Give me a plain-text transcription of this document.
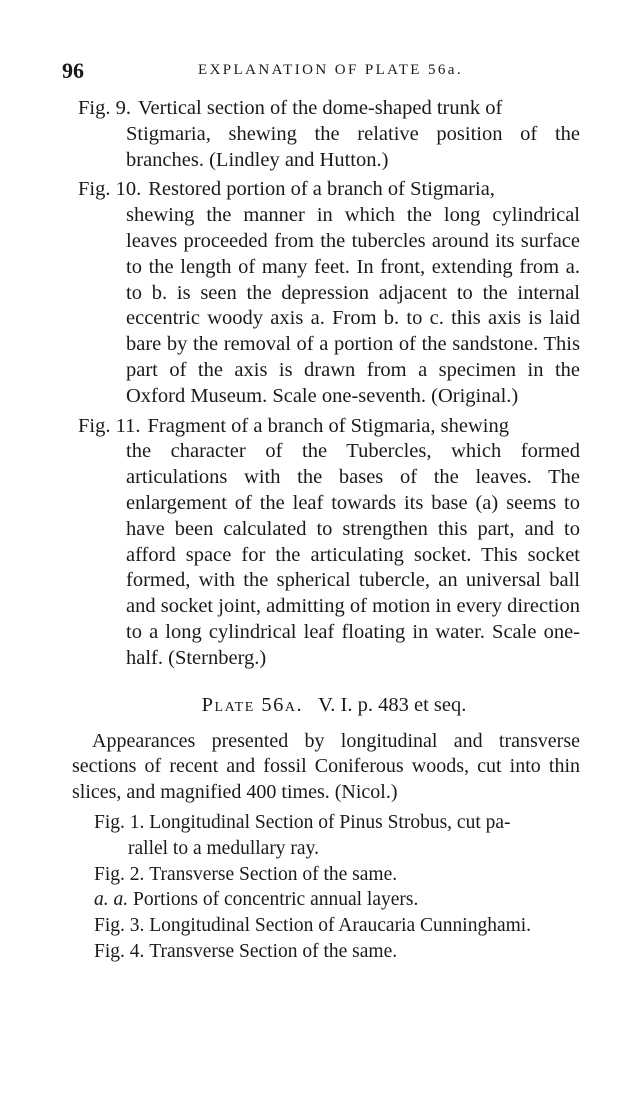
96	EXPLANATION OF PLATE 56a.
Fig. 9. Vertical section of the dome-shaped trunk of
Stigmaria, shewing the relative position of the branches. (Lindley and Hutton.)
Fig. 10. Restored portion of a branch of Stigmaria,
shewing the manner in which the long cylindrical leaves proceeded from the tubercles around its surface to the length of many feet. In front, extending from a. to b. is seen the depression adjacent to the internal eccentric woody axis a. From b. to c. this axis is laid bare by the removal of a portion of the sandstone. This part of the axis is drawn from a specimen in the Oxford Museum. Scale one-seventh. (Original.)
Fig. 11. Fragment of a branch of Stigmaria, shewing
the character of the Tubercles, which formed articulations with the bases of the leaves. The enlargement of the leaf towards its base (a) seems to have been calculated to strengthen this part, and to afford space for the articulating socket. This socket formed, with the spherical tubercle, an universal ball and socket joint, admitting of motion in every direction to a long cylindrical leaf floating in water. Scale one-half. (Sternberg.)
Plate 56a. V. I. p. 483 et seq.
Appearances presented by longitudinal and transverse sections of recent and fossil Coniferous woods, cut into thin slices, and magnified 400 times. (Nicol.)
Fig. 1. Longitudinal Section of Pinus Strobus, cut pa-
rallel to a medullary ray.
Fig. 2. Transverse Section of the same.
a. a. Portions of concentric annual layers.
Fig. 3. Longitudinal Section of Araucaria Cunninghami.
Fig. 4. Transverse Section of the same.
